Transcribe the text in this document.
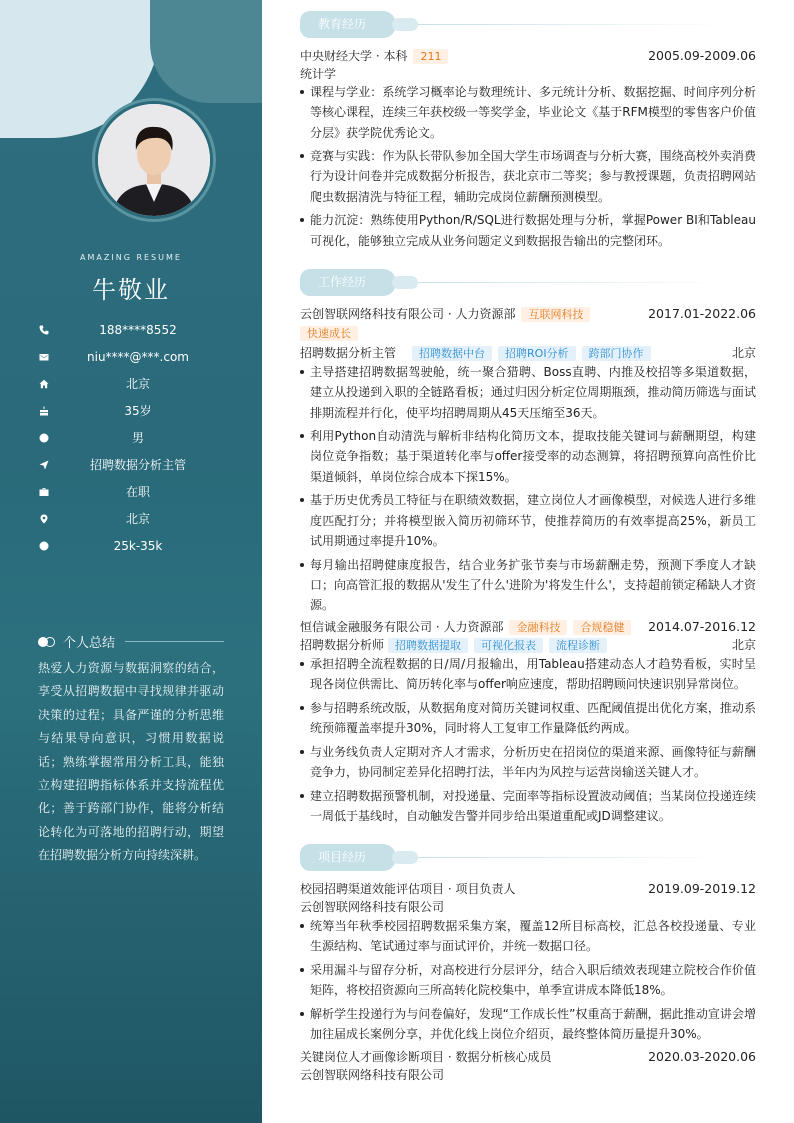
AMAZING RESUME
牛敬业
188****8552
niu****@***.com
北京
35岁
男
招聘数据分析主管
在职
北京
25k-35k
个人总结
热爱人力资源与数据洞察的结合，享受从招聘数据中寻找规律并驱动决策的过程；具备严谨的分析思维与结果导向意识，习惯用数据说话；熟练掌握常用分析工具，能独立构建招聘指标体系并支持流程优化；善于跨部门协作，能将分析结论转化为可落地的招聘行动，期望在招聘数据分析方向持续深耕。
教育经历
中央财经大学 · 本科	211	2005.09-2009.06
统计学
课程与学业：系统学习概率论与数理统计、多元统计分析、数据挖掘、时间序列分析等核心课程，连续三年获校级一等奖学金，毕业论文《基于RFM模型的零售客户价值分层》获学院优秀论文。
竞赛与实践：作为队长带队参加全国大学生市场调查与分析大赛，围绕高校外卖消费行为设计问卷并完成数据分析报告，获北京市二等奖；参与教授课题，负责招聘网站爬虫数据清洗与特征工程，辅助完成岗位薪酬预测模型。
能力沉淀：熟练使用Python/R/SQL进行数据处理与分析，掌握Power BI和Tableau可视化，能够独立完成从业务问题定义到数据报告输出的完整闭环。
工作经历
云创智联网络科技有限公司 · 人力资源部	互联网科技	2017.01-2022.06
快速成长
招聘数据分析主管	招聘数据中台	招聘ROI分析	跨部门协作	北京
主导搭建招聘数据驾驶舱，统一聚合猎聘、Boss直聘、内推及校招等多渠道数据，建立从投递到入职的全链路看板；通过归因分析定位周期瓶颈，推动简历筛选与面试排期流程并行化，使平均招聘周期从45天压缩至36天。
利用Python自动清洗与解析非结构化简历文本，提取技能关键词与薪酬期望，构建岗位竞争指数；基于渠道转化率与offer接受率的动态测算，将招聘预算向高性价比渠道倾斜，单岗位综合成本下探15%。
基于历史优秀员工特征与在职绩效数据，建立岗位人才画像模型，对候选人进行多维度匹配打分；并将模型嵌入简历初筛环节，使推荐简历的有效率提高25%，新员工试用期通过率提升10%。
每月输出招聘健康度报告，结合业务扩张节奏与市场薪酬走势，预测下季度人才缺口；向高管汇报的数据从'发生了什么'进阶为'将发生什么'，支持超前锁定稀缺人才资源。
恒信诚金融服务有限公司 · 人力资源部	金融科技	合规稳健	2014.07-2016.12
招聘数据分析师	招聘数据提取	可视化报表	流程诊断	北京
承担招聘全流程数据的日/周/月报输出，用Tableau搭建动态人才趋势看板，实时呈现各岗位供需比、简历转化率与offer响应速度，帮助招聘顾问快速识别异常岗位。
参与招聘系统改版，从数据角度对简历关键词权重、匹配阈值提出优化方案，推动系统预筛覆盖率提升30%，同时将人工复审工作量降低约两成。
与业务线负责人定期对齐人才需求，分析历史在招岗位的渠道来源、画像特征与薪酬竞争力，协同制定差异化招聘打法，半年内为风控与运营岗输送关键人才。
建立招聘数据预警机制，对投递量、完面率等指标设置波动阈值；当某岗位投递连续一周低于基线时，自动触发告警并同步给出渠道重配或JD调整建议。
项目经历
校园招聘渠道效能评估项目 · 项目负责人	2019.09-2019.12
云创智联网络科技有限公司
统筹当年秋季校园招聘数据采集方案，覆盖12所目标高校，汇总各校投递量、专业生源结构、笔试通过率与面试评价，并统一数据口径。
采用漏斗与留存分析，对高校进行分层评分，结合入职后绩效表现建立院校合作价值矩阵，将校招资源向三所高转化院校集中，单季宣讲成本降低18%。
解析学生投递行为与问卷偏好，发现“工作成长性”权重高于薪酬，据此推动宣讲会增加往届成长案例分享，并优化线上岗位介绍页，最终整体简历量提升30%。
关键岗位人才画像诊断项目 · 数据分析核心成员	2020.03-2020.06
云创智联网络科技有限公司
